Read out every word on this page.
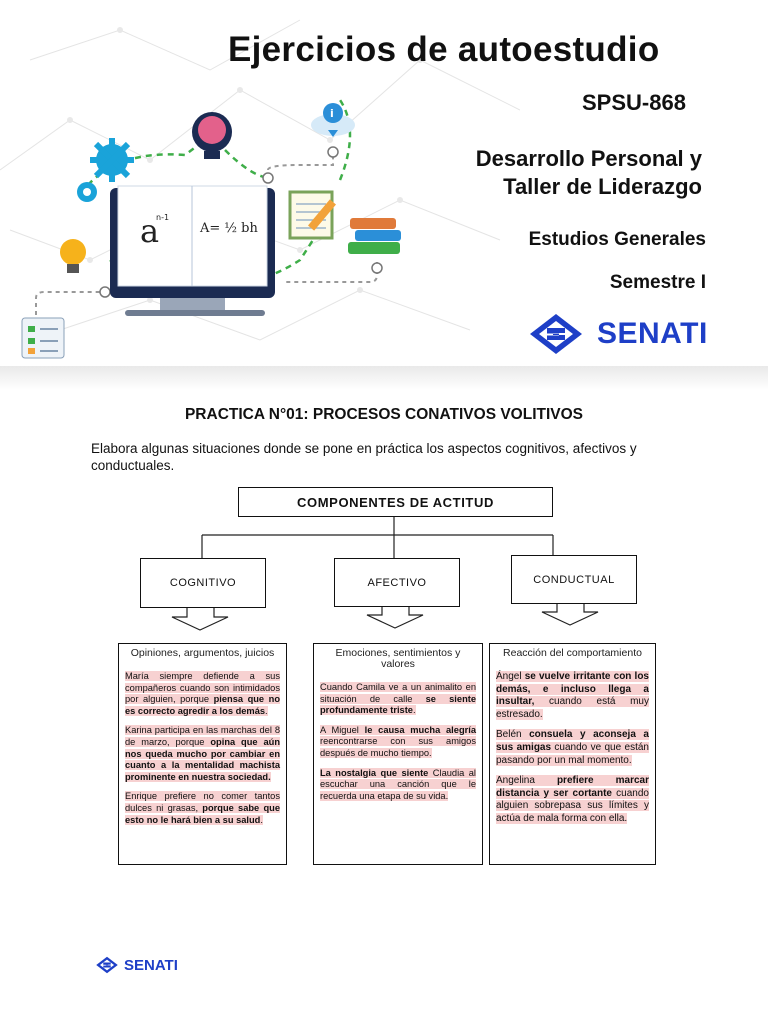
a
n-1
A= ½ bh
i
Ejercicios de autoestudio
SPSU-868
Desarrollo Personal y
Taller de Liderazgo
Estudios Generales
Semestre I
SENATI
PRACTICA N°01: PROCESOS CONATIVOS VOLITIVOS
Elabora algunas situaciones donde se pone en práctica los aspectos cognitivos, afectivos y conductuales.
COMPONENTES DE ACTITUD
COGNITIVO	AFECTIVO	CONDUCTUAL
Opiniones, argumentos, juicios

María siempre defiende a sus compañeros cuando son intimidados por alguien, porque piensa que no es correcto agredir a los demás.

Karina participa en las marchas del 8 de marzo, porque opina que aún nos queda mucho por cambiar en cuanto a la mentalidad machista prominente en nuestra sociedad.

Enrique prefiere no comer tantos dulces ni grasas, porque sabe que esto no le hará bien a su salud.

Emociones, sentimientos y valores

Cuando Camila ve a un animalito en situación de calle se siente profundamente triste.

A Miguel le causa mucha alegría reencontrarse con sus amigos después de mucho tiempo.

La nostalgia que siente Claudia al escuchar una canción que le recuerda una etapa de su vida.

Reacción del comportamiento

Ángel se vuelve irritante con los demás, e incluso llega a insultar, cuando está muy estresado.

Belén consuela y aconseja a sus amigas cuando ve que están pasando por un mal momento.

Angelina prefiere marcar distancia y ser cortante cuando alguien sobrepasa sus límites y actúa de mala forma con ella.

SENATI
